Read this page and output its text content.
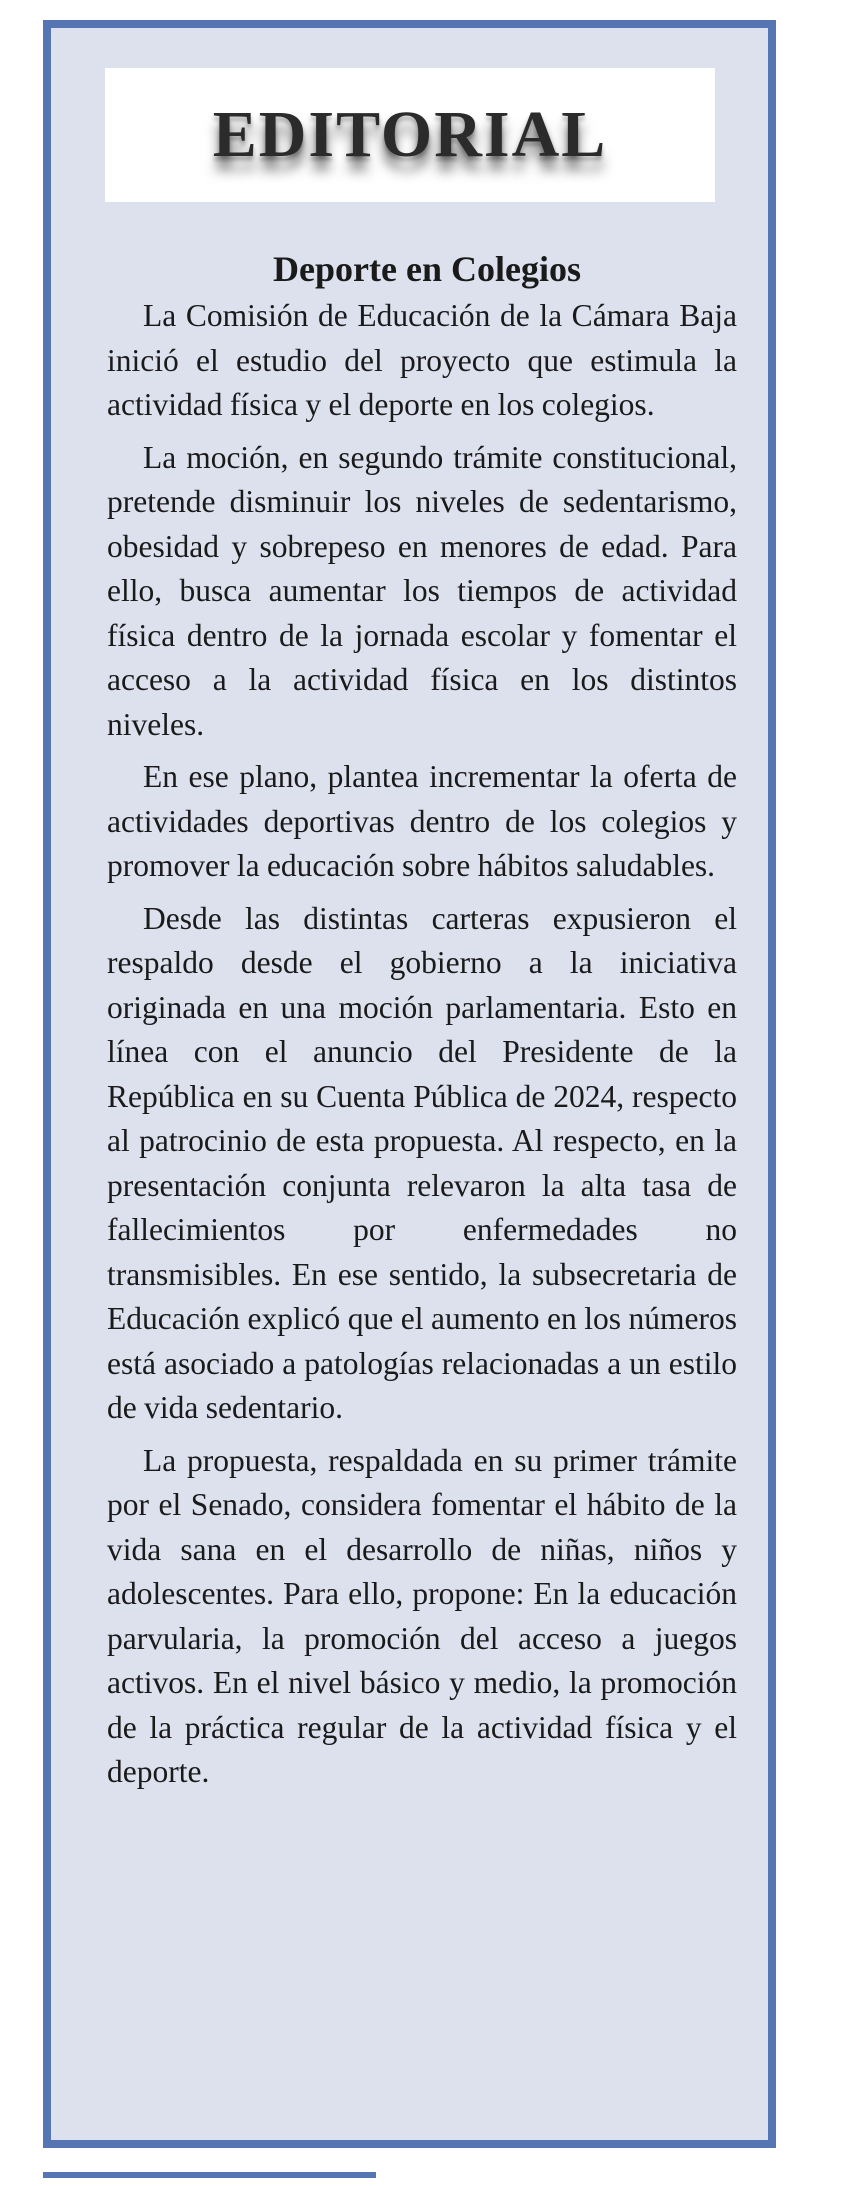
EDITORIAL
Deporte en Colegios

La Comisión de Educación de la Cámara Baja inició el estudio del proyecto que estimula la actividad física y el deporte en los colegios.

La moción, en segundo trámite constitucional, pretende disminuir los niveles de sedentarismo, obesidad y sobrepeso en menores de edad. Para ello, busca aumentar los tiempos de actividad física dentro de la jornada escolar y fomentar el acceso a la actividad física en los distintos niveles.

En ese plano, plantea incrementar la oferta de actividades deportivas dentro de los colegios y promover la educación sobre hábitos saludables.

Desde las distintas carteras expusieron el respaldo desde el gobierno a la iniciativa originada en una moción parlamentaria. Esto en línea con el anuncio del Presidente de la República en su Cuenta Pública de 2024, respecto al patrocinio de esta propuesta. Al respecto, en la presentación conjunta relevaron la alta tasa de fallecimientos por enfermedades no transmisibles. En ese sentido, la subsecretaria de Educación explicó que el aumento en los números está asociado a patologías relacionadas a un estilo de vida sedentario.

La propuesta, respaldada en su primer trámite por el Senado, considera fomentar el hábito de la vida sana en el desarrollo de niñas, niños y adolescentes. Para ello, propone: En la educación parvularia, la promoción del acceso a juegos activos. En el nivel básico y medio, la promoción de la práctica regular de la actividad física y el deporte.
